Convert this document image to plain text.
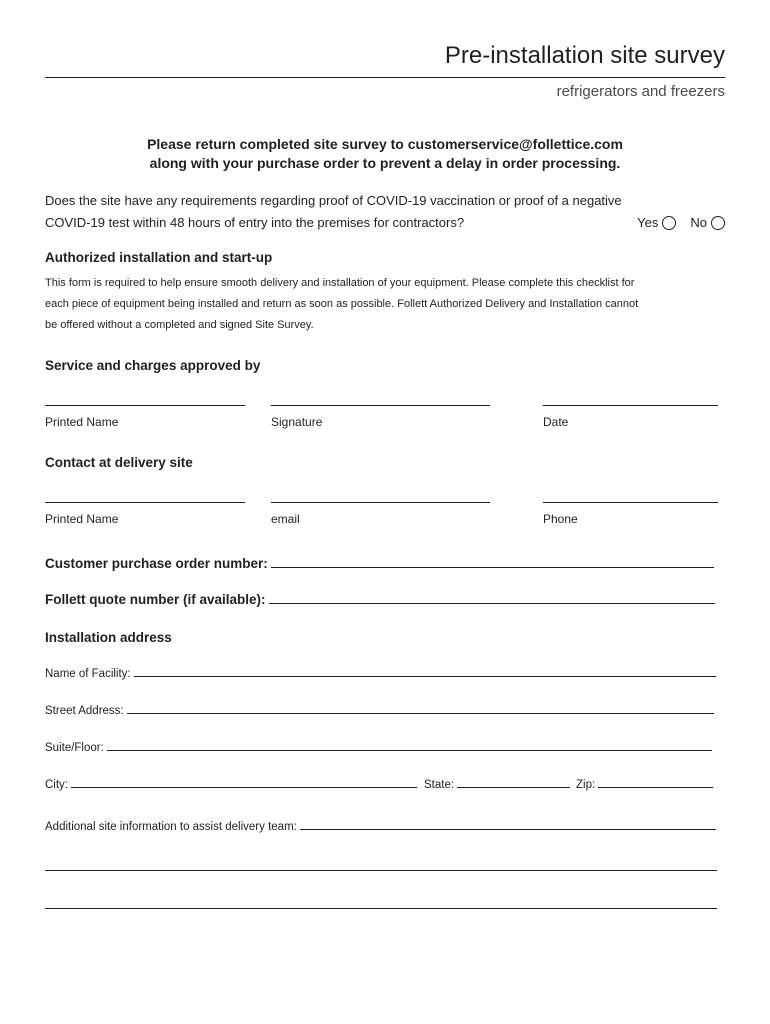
Pre-installation site survey
refrigerators and freezers
Please return completed site survey to customerservice@follettice.com
along with your purchase order to prevent a delay in order processing.
Does the site have any requirements regarding proof of COVID-19 vaccination or proof of a negative
COVID-19 test within 48 hours of entry into the premises for contractors?	Yes No
Authorized installation and start-up
This form is required to help ensure smooth delivery and installation of your equipment. Please complete this checklist for
each piece of equipment being installed and return as soon as possible. Follett Authorized Delivery and Installation cannot
be offered without a completed and signed Site Survey.
Service and charges approved by
Printed Name	Signature	Date
Contact at delivery site
Printed Name	email	Phone
Customer purchase order number:
Follett quote number (if available):
Installation address
Name of Facility:
Street Address:
Suite/Floor:
City:	State:	Zip:
Additional site information to assist delivery team:
